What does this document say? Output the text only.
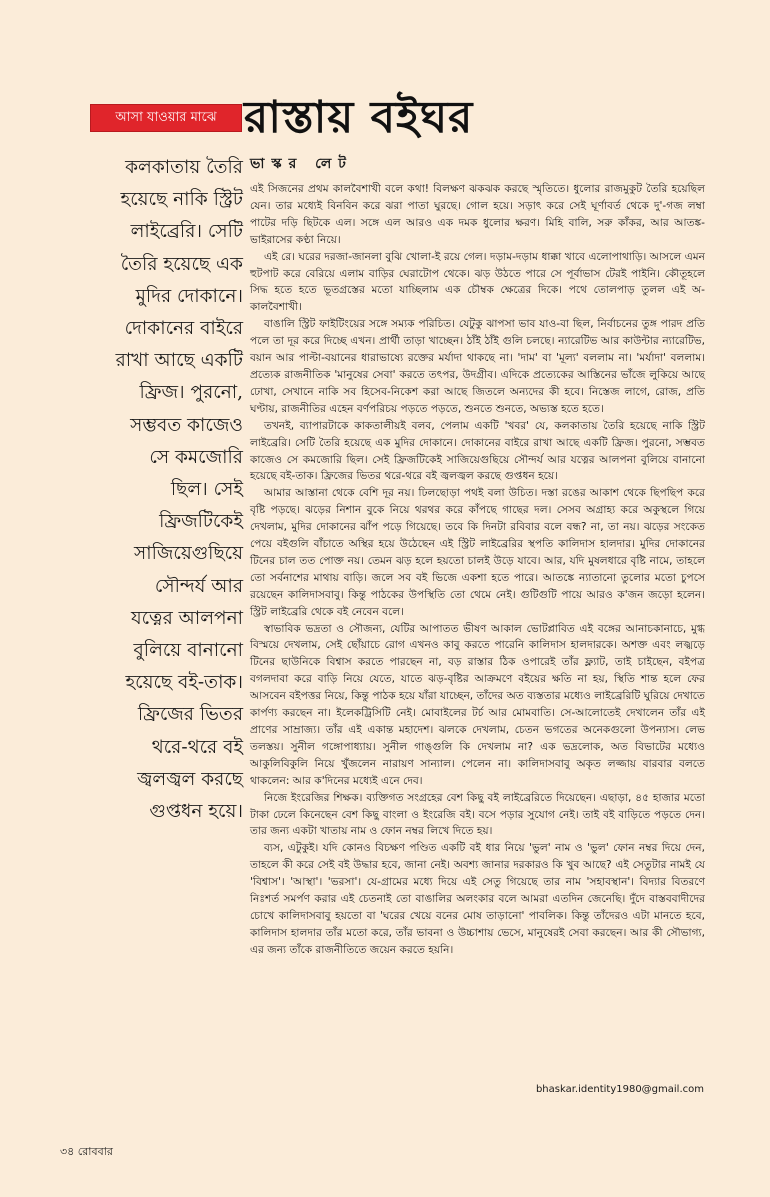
আসা যাওয়ার মাঝে রাস্তায় বইঘর
ভাস্কর লেট
কলকাতায় তৈরি
হয়েছে নাকি স্ট্রিট
লাইব্রেরি। সেটি
তৈরি হয়েছে এক
মুদির দোকানে।
দোকানের বাইরে
রাখা আছে একটি
ফ্রিজ। পুরনো,
সম্ভবত কাজেও
সে কমজোরি
ছিল। সেই
ফ্রিজটিকেই
সাজিয়েগুছিয়ে
সৌন্দর্য আর
যত্নের আলপনা
বুলিয়ে বানানো
হয়েছে বই-তাক।
ফ্রিজের ভিতর
থরে-থরে বই
জ্বলজ্বল করছে
গুপ্তধন হয়ে।

এই সিজনের প্রথম কালবৈশাখী বলে কথা! বিলক্ষণ ঝকঝক করছে স্মৃতিতে। ধুলোর রাজমুকুট তৈরি হয়েছিল যেন। তার মধ্যেই বিনবিন করে ঝরা পাতা ঘুরছে। গোল হয়ে। সড়াৎ করে সেই ঘূর্ণাবর্ত থেকে দু'-গজ লম্বা পাটের দড়ি ছিটকে এল। সঙ্গে এল আরও এক দমক ধুলোর ক্ষরণ। মিহি বালি, সরু কাঁকর, আর আতঙ্ক-ভাইরাসের কণ্ঠা নিয়ে।

এই রে। ঘরের দরজা-জানলা বুঝি খোলা-ই রয়ে গেল। দড়াম-দড়াম ধাক্কা খাবে এলোপাথাড়ি। আসলে এমন হুটপাট করে বেরিয়ে এলাম বাড়ির ঘেরাটোপ থেকে। ঝড় উঠতে পারে সে পূর্বাভাস টেরই পাইনি। কৌতূহলে সিদ্ধ হতে হতে ভূতগ্রস্তের মতো যাচ্ছিলাম এক চৌম্বক ক্ষেত্রের দিকে। পথে তোলপাড় তুলল এই অ-কালবৈশাখী।

বাঙালি স্ট্রিট ফাইটিংয়ের সঙ্গে সম্যক পরিচিত। যেটুকু ঝাপসা ভাব যাও-বা ছিল, নির্বাচনের তুঙ্গ পারদ প্রতি পলে তা দূর করে দিচ্ছে এখন। প্রার্থী তাড়া খাচ্ছেন। ঠাঁই ঠাঁই গুলি চলছে। ন্যারেটিভ আর কাউন্টার ন্যারেটিভ, বয়ান আর পাল্টা-বয়ানের ধারাভাষ্যে রক্তের মর্যাদা থাকছে না। 'দাম' বা 'মূল্য' বললাম না। 'মর্যাদা' বললাম। প্রত্যেক রাজনীতিক 'মানুষের সেবা' করতে তৎপর, উদগ্রীব। এদিকে প্রত্যেকের আস্তিনের ভাঁজে লুকিয়ে আছে ঢোখা, সেখানে নাকি সব হিসেব-নিকেশ করা আছে জিতলে অন্যদের কী হবে। নিস্তেজ লাগে, রোজ, প্রতি ঘণ্টায়, রাজনীতির এহেন বর্ণপরিচয় পড়তে পড়তে, শুনতে শুনতে, অভ্যস্ত হতে হতে।

তখনই, ব্যাপারটাকে কাকতালীয়ই বলব, পেলাম একটি 'খবর' যে, কলকাতায় তৈরি হয়েছে নাকি স্ট্রিট লাইব্রেরি। সেটি তৈরি হয়েছে এক মুদির দোকানে। দোকানের বাইরে রাখা আছে একটি ফ্রিজ। পুরনো, সম্ভবত কাজেও সে কমজোরি ছিল। সেই ফ্রিজটিকেই সাজিয়েগুছিয়ে সৌন্দর্য আর যত্নের আলপনা বুলিয়ে বানানো হয়েছে বই-তাক। ফ্রিজের ভিতর থরে-থরে বই জ্বলজ্বল করছে গুপ্তধন হয়ে।

আমার আস্তানা থেকে বেশি দূর নয়। ঢিলছোড়া পথই বলা উচিত। দস্তা রঙের আকাশ থেকে ছিপছিপ করে বৃষ্টি পড়ছে। ঝড়ের নিশান বুকে নিয়ে থরথর করে কাঁপছে গাছের দল। সেসব অগ্রাহ্য করে অকুস্থলে গিয়ে দেখলাম, মুদির দোকানের ঝাঁপ পড়ে গিয়েছে। তবে কি দিনটা রবিবার বলে বন্ধ? না, তা নয়। ঝড়ের সংকেত পেয়ে বইগুলি বাঁচাতে অস্থির হয়ে উঠেছেন এই স্ট্রিট লাইব্রেরির স্থপতি কালিদাস হালদার। মুদির দোকানের টিনের চাল তত পোক্ত নয়। তেমন ঝড় হলে হয়তো চালই উড়ে যাবে। আর, যদি মুষলধারে বৃষ্টি নামে, তাহলে তো সর্বনাশের মাথায় বাড়ি। জলে সব বই ভিজে একশা হতে পারে। আতঙ্কে ন্যাতানো তুলোর মতো চুপসে রয়েছেন কালিদাসবাবু। কিন্তু পাঠকের উপস্থিতি তো থেমে নেই। গুটিগুটি পায়ে আরও ক'জন জড়ো হলেন। স্ট্রিট লাইব্রেরি থেকে বই নেবেন বলে।

স্বাভাবিক ভদ্রতা ও সৌজন্য, যেটির আপাতত ভীষণ আকাল ভোটপ্লাবিত এই বঙ্গের আনাচকানাচে, মুগ্ধ বিস্ময়ে দেখলাম, সেই ছোঁয়াচে রোগ এখনও কাবু করতে পারেনি কালিদাস হালদারকে। অশক্ত এবং লজ্ঝড়ে টিনের ছাউনিকে বিশ্বাস করতে পারছেন না, বড় রাস্তার ঠিক ওপারেই তাঁর ফ্ল্যাট, তাই চাইছেন, বইপত্র বগলদাবা করে বাড়ি নিয়ে যেতে, যাতে ঝড়-বৃষ্টির আক্রমণে বইয়ের ক্ষতি না হয়, স্থিতি শান্ত হলে ফের আসবেন বইপত্তর নিয়ে, কিন্তু পাঠক হয়ে যাঁরা যাচ্ছেন, তাঁদের অত ব্যস্ততার মধ্যেও লাইব্রেরিটি ঘুরিয়ে দেখাতে কার্পণ্য করছেন না। ইলেকট্রিসিটি নেই। মোবাইলের টর্চ আর মোমবাতি। সে-আলোতেই দেখালেন তাঁর এই প্রাণের সাম্রাজ্য। তাঁর এই একান্ত মহাদেশ। ঝলকে দেখলাম, চেতন ভগতের অনেকগুলো উপন্যাস। লেভ তলস্তয়। সুনীল গঙ্গোপাধ্যায়। সুনীল গাঙ্গুলি কি দেখলাম না? এক ভদ্রলোক, অত বিভাটের মধ্যেও আকুলিবিকুলি নিয়ে খুঁজলেন নারায়ণ সান্যাল। পেলেন না। কালিদাসবাবু অকৃত লজ্জায় বারবার বলতে থাকলেন: আর ক'দিনের মধ্যেই এনে দেব।

নিজে ইংরেজির শিক্ষক। ব্যক্তিগত সংগ্রহের বেশ কিছু বই লাইব্রেরিতে দিয়েছেন। এছাড়া, ৪৫ হাজার মতো টাকা ঢেলে কিনেছেন বেশ কিছু বাংলা ও ইংরেজি বই। বসে পড়ার সুযোগ নেই। তাই বই বাড়িতে পড়তে দেন। তার জন্য একটা খাতায় নাম ও ফোন নম্বর লিখে দিতে হয়।

ব্যস, এটুকুই। যদি কোনও বিচক্ষণ পণ্ডিত একটি বই ধার নিয়ে 'ভুল' নাম ও 'ভুল' ফোন নম্বর দিয়ে দেন, তাহলে কী করে সেই বই উদ্ধার হবে, জানা নেই। অবশ্য জানার দরকারও কি খুব আছে? এই সেতুটার নামই যে 'বিশ্বাস'। 'আস্থা'। 'ভরসা'। যে-গ্রামের মধ্যে দিয়ে এই সেতু গিয়েছে তার নাম 'সহাবস্থান'। বিদ্যার বিতরণে নিঃশর্ত সমর্পণ করার এই চেতনাই তো বাঙালির অলংকার বলে আমরা এতদিন জেনেছি। দুঁদে বাস্তববাদীদের চোখে কালিদাসবাবু হয়তো বা 'ঘরের খেয়ে বনের মোষ তাড়ানো' পাবলিক। কিন্তু তাঁদেরও এটা মানতে হবে, কালিদাস হালদার তাঁর মতো করে, তাঁর ভাবনা ও উচ্চাশায় ভেসে, মানুষেরই সেবা করছেন। আর কী সৌভাগ্য, এর জন্য তাঁকে রাজনীতিতে জয়েন করতে হয়নি।

bhaskar.identity1980@gmail.com
৩৪ রোববার
